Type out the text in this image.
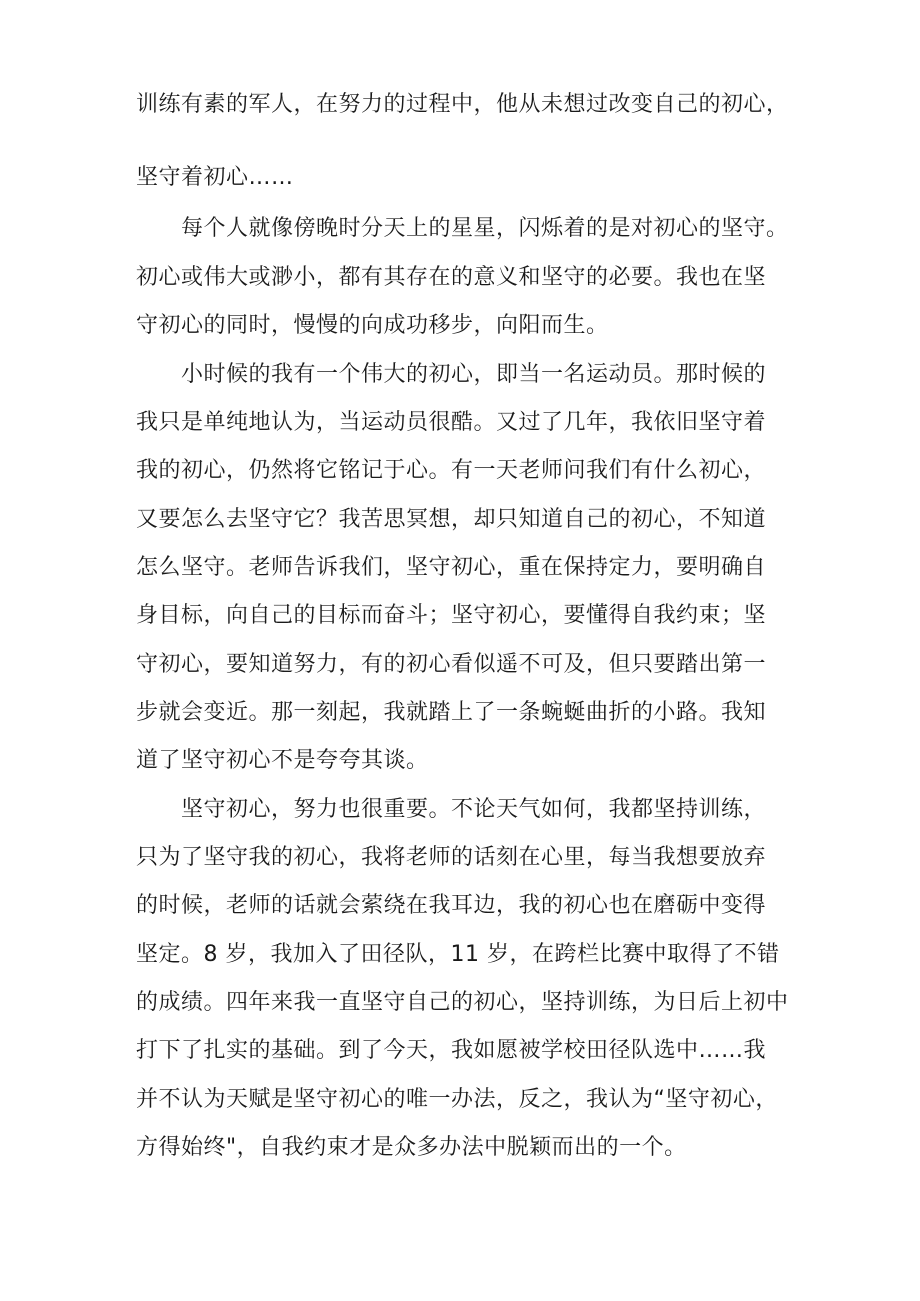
训练有素的军人，在努力的过程中，他从未想过改变自己的初心，
坚守着初心……
每个人就像傍晚时分天上的星星，闪烁着的是对初心的坚守。
初心或伟大或渺小，都有其存在的意义和坚守的必要。我也在坚
守初心的同时，慢慢的向成功移步，向阳而生。
小时候的我有一个伟大的初心，即当一名运动员。那时候的
我只是单纯地认为，当运动员很酷。又过了几年，我依旧坚守着
我的初心，仍然将它铭记于心。有一天老师问我们有什么初心，
又要怎么去坚守它？我苦思冥想，却只知道自己的初心，不知道
怎么坚守。老师告诉我们，坚守初心，重在保持定力，要明确自
身目标，向自己的目标而奋斗；坚守初心，要懂得自我约束；坚
守初心，要知道努力，有的初心看似遥不可及，但只要踏出第一
步就会变近。那一刻起，我就踏上了一条蜿蜒曲折的小路。我知
道了坚守初心不是夸夸其谈。
坚守初心，努力也很重要。不论天气如何，我都坚持训练，
只为了坚守我的初心，我将老师的话刻在心里，每当我想要放弃
的时候，老师的话就会萦绕在我耳边，我的初心也在磨砺中变得
坚定。8 岁，我加入了田径队，11 岁，在跨栏比赛中取得了不错
的成绩。四年来我一直坚守自己的初心，坚持训练，为日后上初中
打下了扎实的基础。到了今天，我如愿被学校田径队选中……我
并不认为天赋是坚守初心的唯一办法，反之，我认为“坚守初心，
方得始终"，自我约束才是众多办法中脱颖而出的一个。
